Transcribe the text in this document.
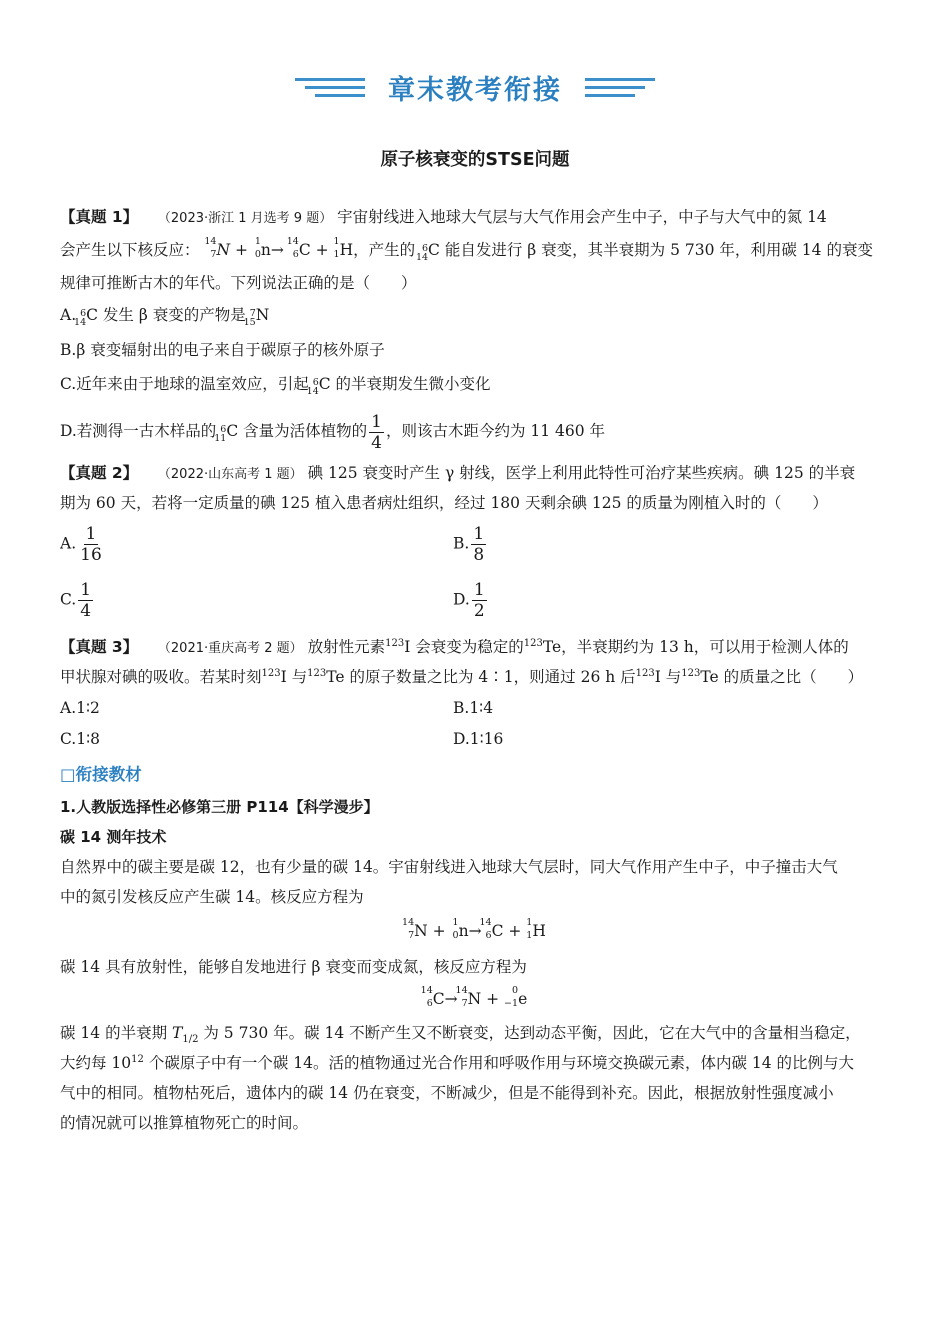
章末教考衔接
原子核衰变的STSE问题
【真题 1】 （2023·浙江 1 月选考 9 题） 宇宙射线进入地球大气层与大气作用会产生中子，中子与大气中的氮 14
会产生以下核反应： 14
7 N + 1
0 n→ 14
6 C + 1
1 H，产生的 14
6 C 能自发进行 β 衰变，其半衰期为 5 730 年，利用碳 14 的衰变
规律可推断古木的年代。下列说法正确的是（　　）
A.
14
6 C 发生 β 衰变的产物是
15
7 N
B.β 衰变辐射出的电子来自于碳原子的核外原子
C.近年来由于地球的温室效应，引起
14
6 C 的半衰期发生微小变化
D.若测得一古木样品的
11
6 C 含量为活体植物的 $\frac{1}{4}$ ，则该古木距今约为 11 460 年
【真题 2】 （2022·山东高考 1 题） 碘 125 衰变时产生 γ 射线，医学上利用此特性可治疗某些疾病。碘 125 的半衰
期为 60 天，若将一定质量的碘 125 植入患者病灶组织，经过 180 天剩余碘 125 的质量为刚植入时的（　　）
A. $\frac{1}{16}$	B. $\frac{1}{8}$
C. $\frac{1}{4}$	D. $\frac{1}{2}$
【真题 3】 （2021·重庆高考 2 题） 放射性元素$^{123}$I 会衰变为稳定的$^{123}$Te，半衰期约为 13 h，可以用于检测人体的
甲状腺对碘的吸收。若某时刻$^{123}$I 与$^{123}$Te 的原子数量之比为 4∶1，则通过 26 h 后$^{123}$I 与$^{123}$Te 的质量之比（　　）
A.1∶2	B.1∶4
C.1∶8	D.1∶16
□衔接教材
1.人教版选择性必修第三册 P114【科学漫步】
碳 14 测年技术
自然界中的碳主要是碳 12，也有少量的碳 14。宇宙射线进入地球大气层时，同大气作用产生中子，中子撞击大气
中的氮引发核反应产生碳 14。核反应方程为
14
7 N + 1
0 n→
14
6 C + 1
1 H
碳 14 具有放射性，能够自发地进行 β 衰变而变成氮，核反应方程为
14
6 C→
14
7 N + 0
−1 e
碳 14 的半衰期 $T_{1/2}$ 为 5 730 年。碳 14 不断产生又不断衰变，达到动态平衡，因此，它在大气中的含量相当稳定，
大约每 $10^{12}$ 个碳原子中有一个碳 14。活的植物通过光合作用和呼吸作用与环境交换碳元素，体内碳 14 的比例与大
气中的相同。植物枯死后，遗体内的碳 14 仍在衰变，不断减少，但是不能得到补充。因此，根据放射性强度减小
的情况就可以推算植物死亡的时间。
